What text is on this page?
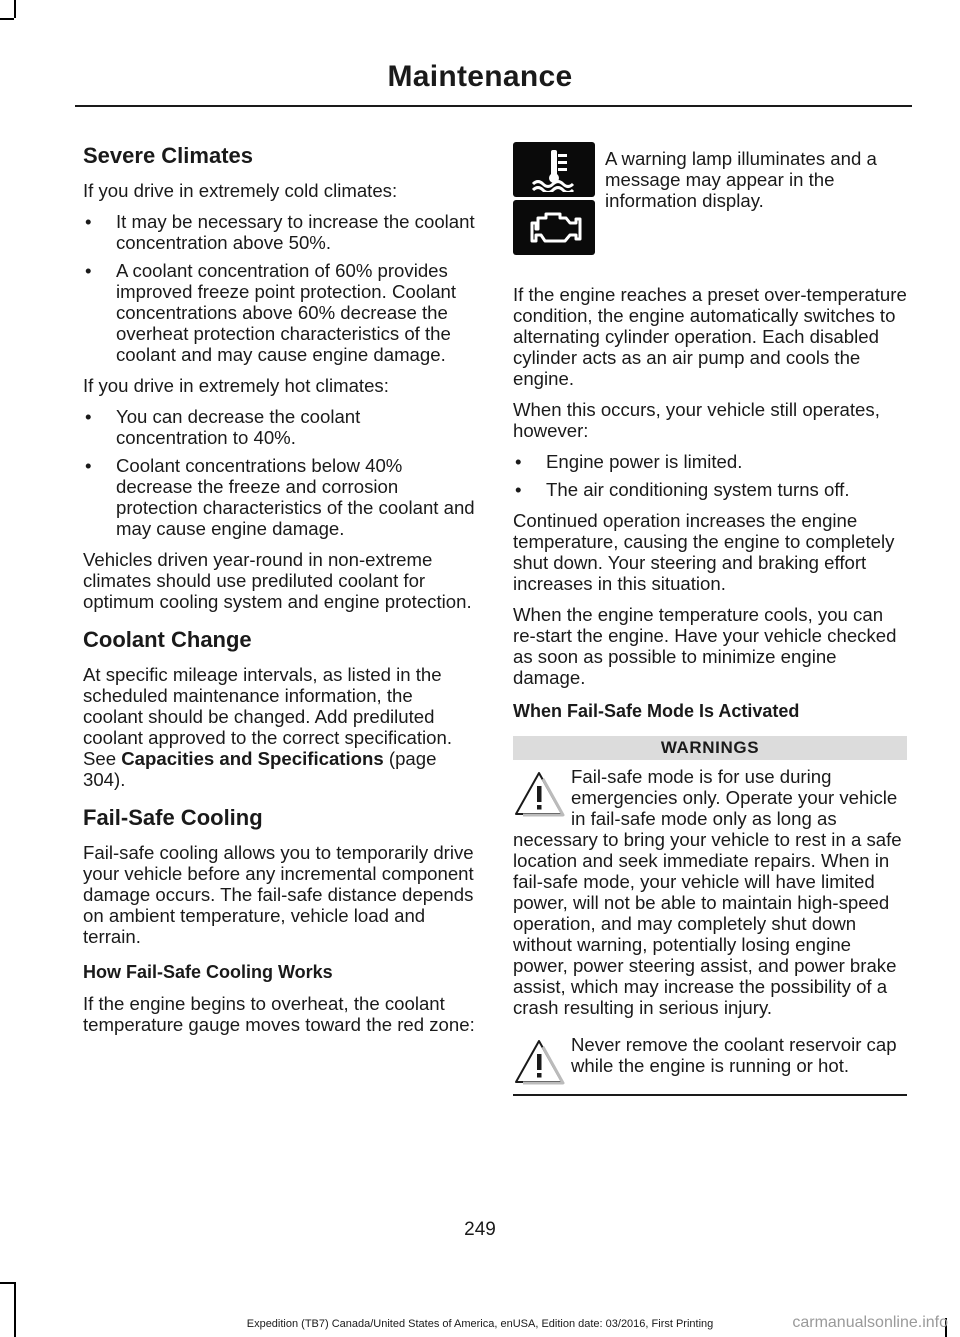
Maintenance
Severe Climates

If you drive in extremely cold climates:

• It may be necessary to increase the coolant concentration above 50%.
• A coolant concentration of 60% provides improved freeze point protection. Coolant concentrations above 60% decrease the overheat protection characteristics of the coolant and may cause engine damage.

If you drive in extremely hot climates:

• You can decrease the coolant concentration to 40%.
• Coolant concentrations below 40% decrease the freeze and corrosion protection characteristics of the coolant and may cause engine damage.

Vehicles driven year-round in non-extreme climates should use prediluted coolant for optimum cooling system and engine protection.

Coolant Change

At specific mileage intervals, as listed in the scheduled maintenance information, the coolant should be changed. Add prediluted coolant approved to the correct specification. See Capacities and Specifications (page 304).

Fail-Safe Cooling

Fail-safe cooling allows you to temporarily drive your vehicle before any incremental component damage occurs. The fail-safe distance depends on ambient temperature, vehicle load and terrain.

How Fail-Safe Cooling Works

If the engine begins to overheat, the coolant temperature gauge moves toward the red zone:

A warning lamp illuminates and a message may appear in the information display.

If the engine reaches a preset over-temperature condition, the engine automatically switches to alternating cylinder operation. Each disabled cylinder acts as an air pump and cools the engine.

When this occurs, your vehicle still operates, however:

• Engine power is limited.
• The air conditioning system turns off.

Continued operation increases the engine temperature, causing the engine to completely shut down. Your steering and braking effort increases in this situation.

When the engine temperature cools, you can re-start the engine. Have your vehicle checked as soon as possible to minimize engine damage.

When Fail-Safe Mode Is Activated
WARNINGS
Fail-safe mode is for use during emergencies only. Operate your vehicle in fail-safe mode only as long as necessary to bring your vehicle to rest in a safe location and seek immediate repairs. When in fail-safe mode, your vehicle will have limited power, will not be able to maintain high-speed operation, and may completely shut down without warning, potentially losing engine power, power steering assist, and power brake assist, which may increase the possibility of a crash resulting in serious injury.
Never remove the coolant reservoir cap while the engine is running or hot.
249
Expedition (TB7) Canada/United States of America, enUSA, Edition date: 03/2016, First Printing	carmanualsonline.info
